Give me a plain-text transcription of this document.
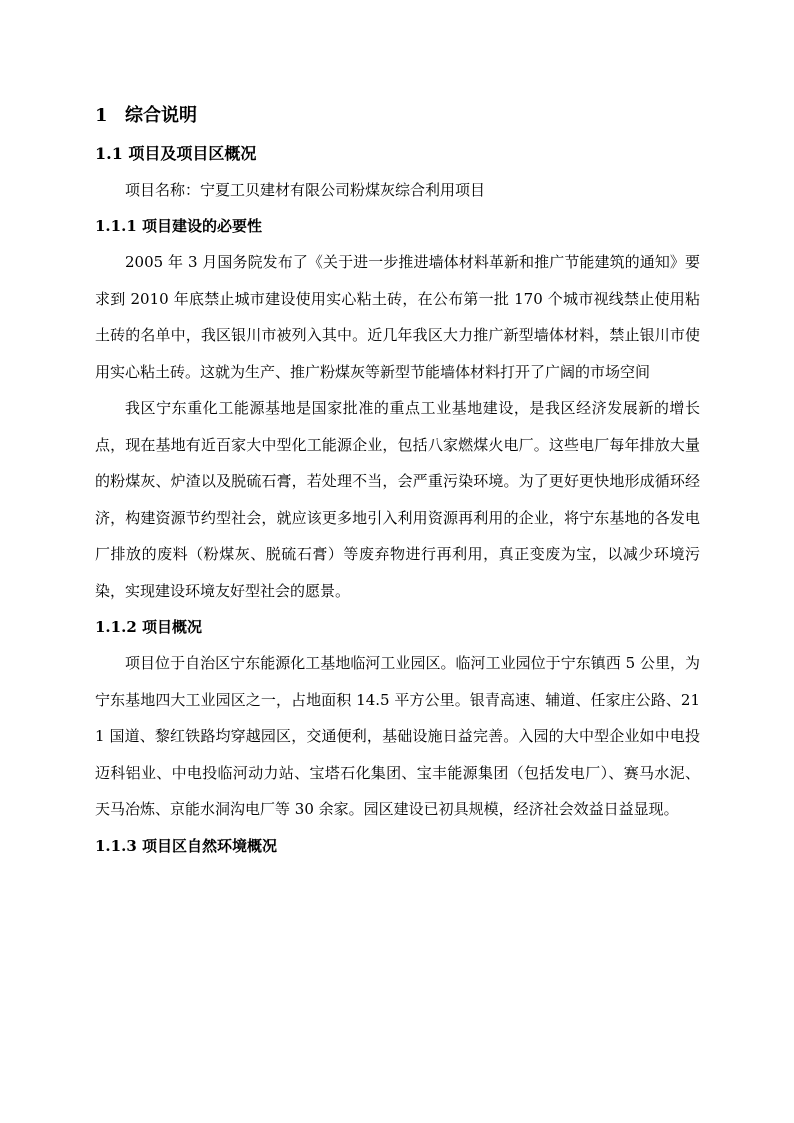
1 综合说明
1.1 项目及项目区概况

项目名称：宁夏工贝建材有限公司粉煤灰综合利用项目

1.1.1 项目建设的必要性

2005 年 3 月国务院发布了《关于进一步推进墙体材料革新和推广节能建筑的通知》要求到 2010 年底禁止城市建设使用实心粘土砖，在公布第一批 170 个城市视线禁止使用粘土砖的名单中，我区银川市被列入其中。近几年我区大力推广新型墙体材料，禁止银川市使用实心粘土砖。这就为生产、推广粉煤灰等新型节能墙体材料打开了广阔的市场空间

我区宁东重化工能源基地是国家批准的重点工业基地建设，是我区经济发展新的增长点，现在基地有近百家大中型化工能源企业，包括八家燃煤火电厂。这些电厂每年排放大量的粉煤灰、炉渣以及脱硫石膏，若处理不当，会严重污染环境。为了更好更快地形成循环经济，构建资源节约型社会，就应该更多地引入利用资源再利用的企业，将宁东基地的各发电厂排放的废料（粉煤灰、脱硫石膏）等废弃物进行再利用，真正变废为宝，以减少环境污染，实现建设环境友好型社会的愿景。

1.1.2 项目概况

项目位于自治区宁东能源化工基地临河工业园区。临河工业园位于宁东镇西 5 公里，为宁东基地四大工业园区之一，占地面积 14.5 平方公里。银青高速、辅道、任家庄公路、211 国道、黎红铁路均穿越园区，交通便利，基础设施日益完善。入园的大中型企业如中电投迈科铝业、中电投临河动力站、宝塔石化集团、宝丰能源集团（包括发电厂）、赛马水泥、天马冶炼、京能水洞沟电厂等 30 余家。园区建设已初具规模，经济社会效益日益显现。

1.1.3 项目区自然环境概况
